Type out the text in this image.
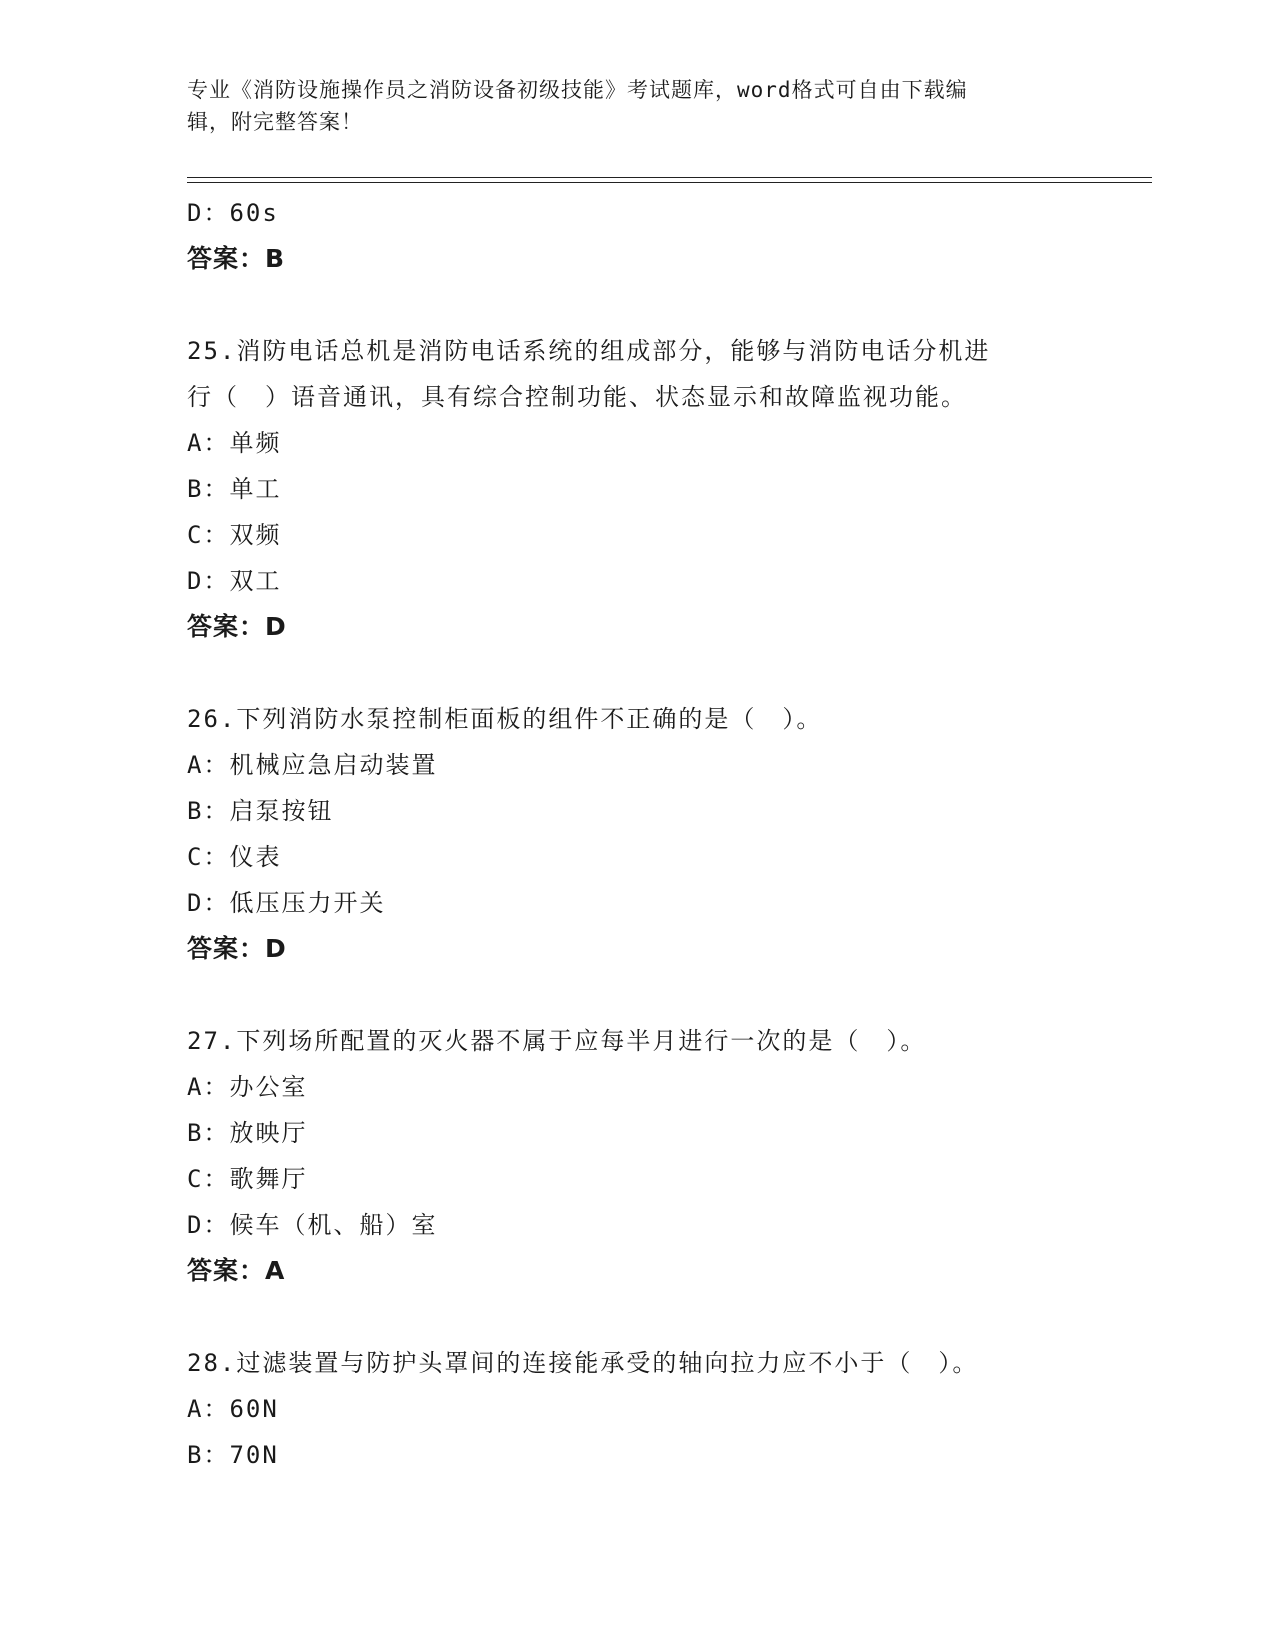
专业《消防设施操作员之消防设备初级技能》考试题库，word格式可自由下载编
辑，附完整答案！
D：60s
答案：B
25.消防电话总机是消防电话系统的组成部分，能够与消防电话分机进
行（　）语音通讯，具有综合控制功能、状态显示和故障监视功能。
A：单频
B：单工
C：双频
D：双工
答案：D
26.下列消防水泵控制柜面板的组件不正确的是（　）。
A：机械应急启动装置
B：启泵按钮
C：仪表
D：低压压力开关
答案：D
27.下列场所配置的灭火器不属于应每半月进行一次的是（　）。
A：办公室
B：放映厅
C：歌舞厅
D：候车（机、船）室
答案：A
28.过滤装置与防护头罩间的连接能承受的轴向拉力应不小于（　）。
A：60N
B：70N
